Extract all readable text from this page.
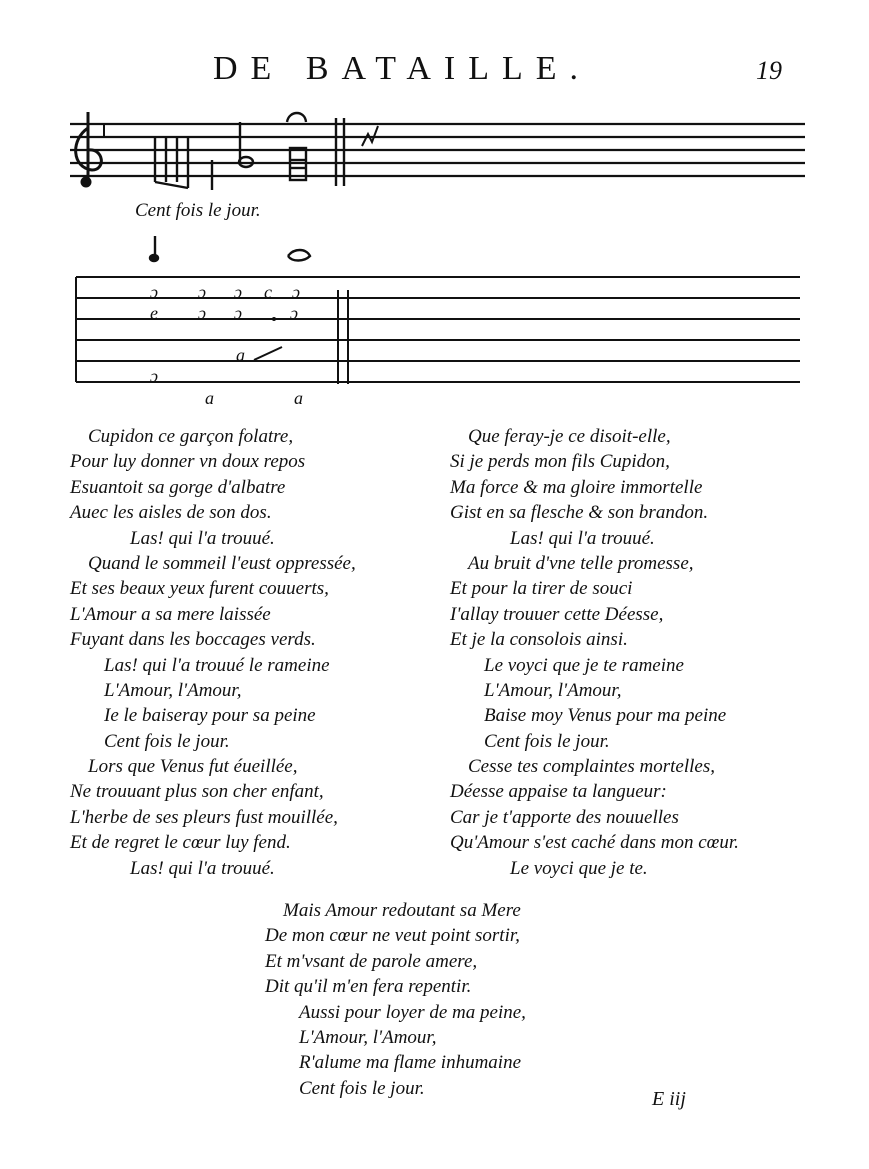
DE BATAILLE.	19
ɔ ɔ ɔ c ɔ
e ɔ ɔ	ɔ
a
ɔ
a	a
Cent fois le jour.
Cupidon ce garçon folatre,
Pour luy donner vn doux repos
Esuantoit sa gorge d'albatre
Auec les aisles de son dos.
Las! qui l'a trouué.
Quand le sommeil l'eust oppressée,
Et ses beaux yeux furent couuerts,
L'Amour a sa mere laissée
Fuyant dans les boccages verds.
Las! qui l'a trouué le rameine
L'Amour, l'Amour,
Ie le baiseray pour sa peine
Cent fois le jour.
Lors que Venus fut éueillée,
Ne trouuant plus son cher enfant,
L'herbe de ses pleurs fust mouillée,
Et de regret le cœur luy fend.
Las! qui l'a trouué.
Que feray-je ce disoit-elle,
Si je perds mon fils Cupidon,
Ma force & ma gloire immortelle
Gist en sa flesche & son brandon.
Las! qui l'a trouué.
Au bruit d'vne telle promesse,
Et pour la tirer de souci
I'allay trouuer cette Déesse,
Et je la consolois ainsi.
Le voyci que je te rameine
L'Amour, l'Amour,
Baise moy Venus pour ma peine
Cent fois le jour.
Cesse tes complaintes mortelles,
Déesse appaise ta langueur:
Car je t'apporte des nouuelles
Qu'Amour s'est caché dans mon cœur.
Le voyci que je te.
Mais Amour redoutant sa Mere
De mon cœur ne veut point sortir,
Et m'vsant de parole amere,
Dit qu'il m'en fera repentir.
Aussi pour loyer de ma peine,
L'Amour, l'Amour,
R'alume ma flame inhumaine
Cent fois le jour.	E iij
